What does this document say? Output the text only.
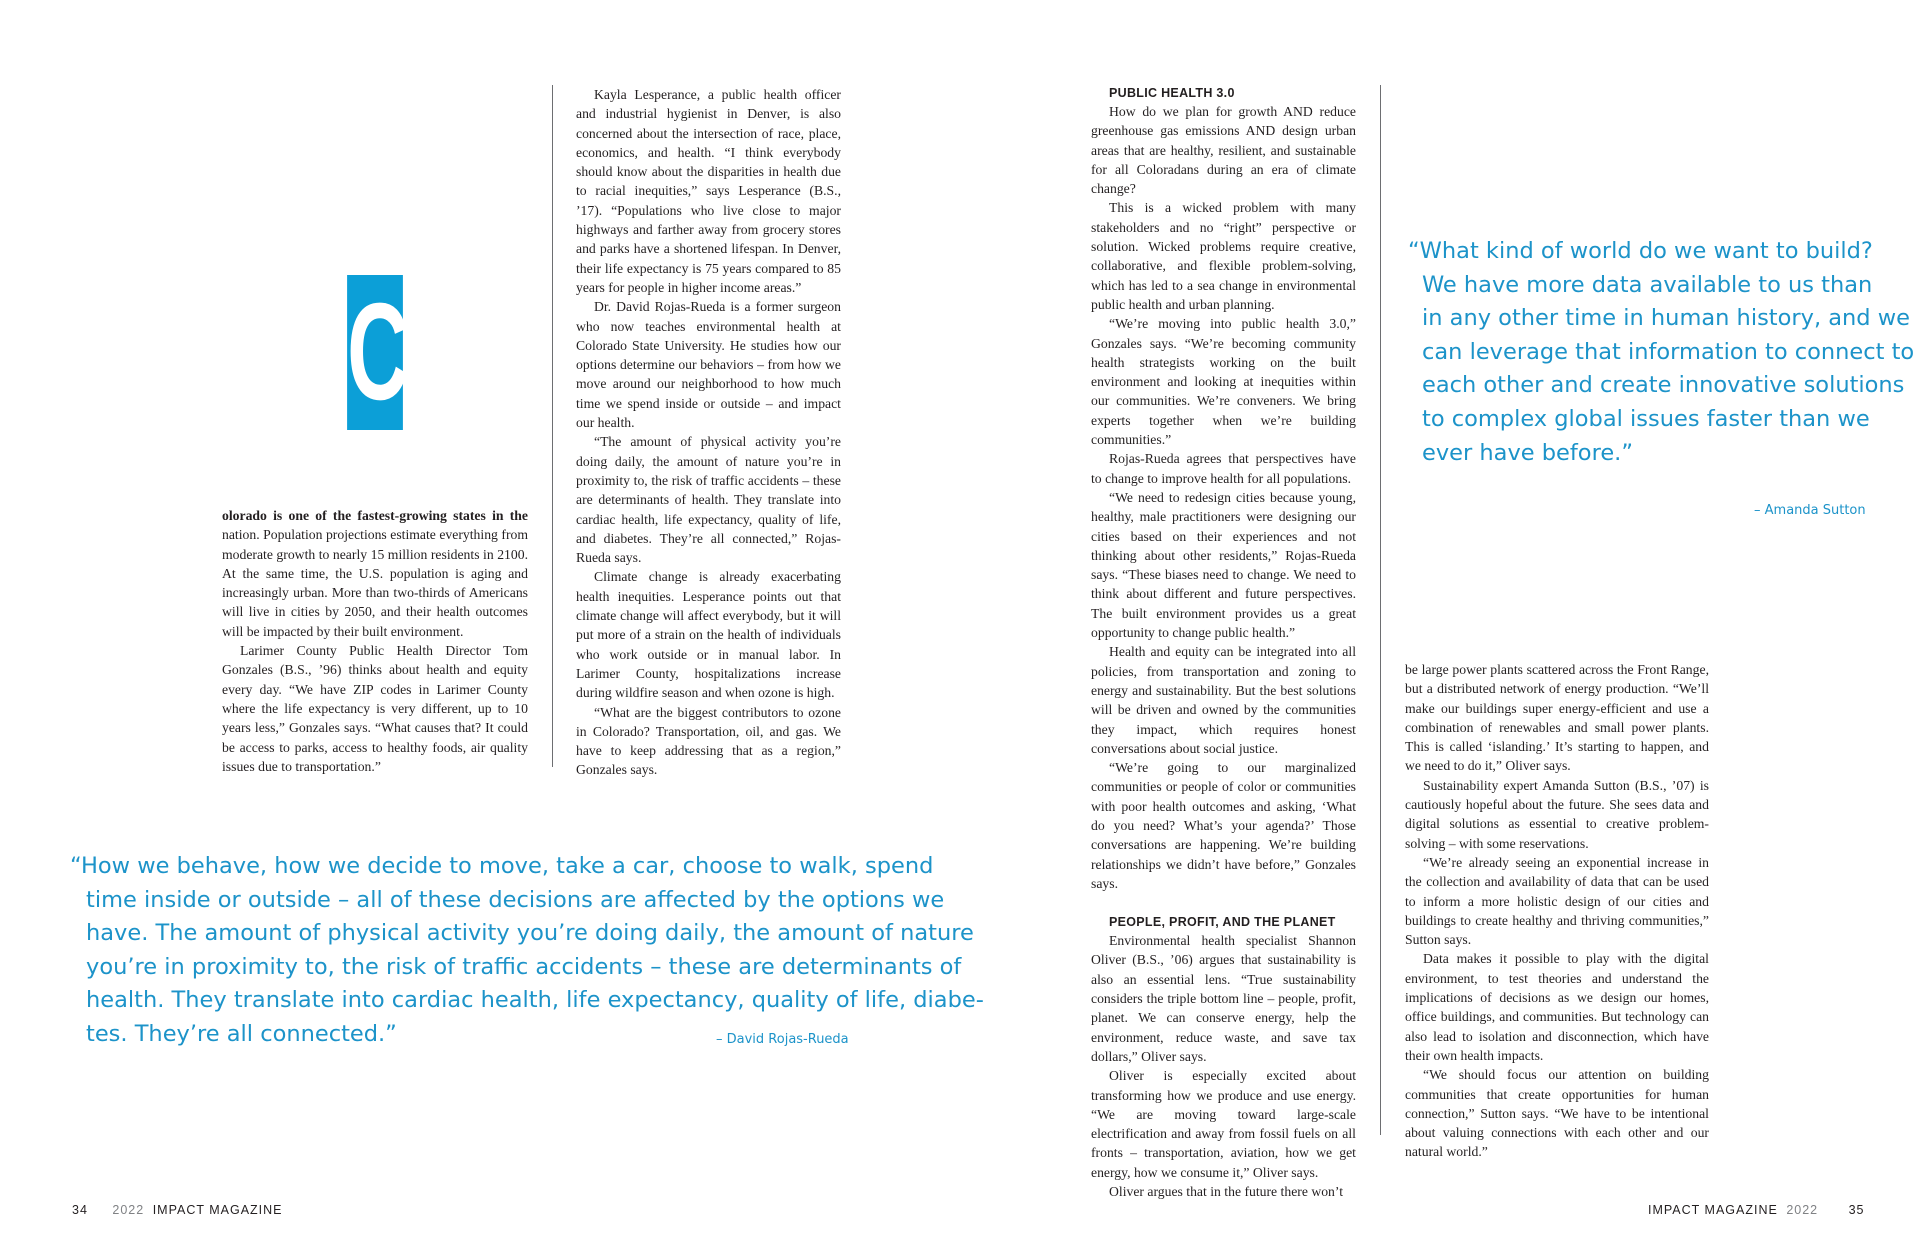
C

olorado is one of the fastest-growing states in the nation. Population projections estimate everything from moderate growth to nearly 15 million residents in 2100. At the same time, the U.S. population is aging and increasingly urban. More than two-thirds of Americans will live in cities by 2050, and their health outcomes will be impacted by their built environment.

Larimer County Public Health Director Tom Gonzales (B.S., ’96) thinks about health and equity every day. “We have ZIP codes in Larimer County where the life expectancy is very different, up to 10 years less,” Gonzales says. “What causes that? It could be access to parks, access to healthy foods, air quality issues due to transportation.”

Kayla Lesperance, a public health officer and industrial hygienist in Denver, is also concerned about the intersection of race, place, economics, and health. “I think everybody should know about the disparities in health due to racial inequities,” says Lesperance (B.S., ’17). “Populations who live close to major highways and farther away from grocery stores and parks have a shortened lifespan. In Denver, their life expectancy is 75 years compared to 85 years for people in higher income areas.”

Dr. David Rojas-Rueda is a former surgeon who now teaches environmental health at Colorado State University. He studies how our options determine our behaviors – from how we move around our neighborhood to how much time we spend inside or outside – and impact our health.

“The amount of physical activity you’re doing daily, the amount of nature you’re in proximity to, the risk of traffic accidents – these are determinants of health. They translate into cardiac health, life expectancy, quality of life, and diabetes. They’re all connected,” Rojas-Rueda says.

Climate change is already exacerbating health inequities. Lesperance points out that climate change will affect everybody, but it will put more of a strain on the health of individuals who work outside or in manual labor. In Larimer County, hospitalizations increase during wildfire season and when ozone is high.

“What are the biggest contributors to ozone in Colorado? Transportation, oil, and gas. We have to keep addressing that as a region,” Gonzales says.

“How we behave, how we decide to move, take a car, choose to walk, spend
time inside or outside – all of these decisions are affected by the options we
have. The amount of physical activity you’re doing daily, the amount of nature
you’re in proximity to, the risk of traffic accidents – these are determinants of
health. They translate into cardiac health, life expectancy, quality of life, diabe-
tes. They’re all connected.”	– David Rojas-Rueda

PUBLIC HEALTH 3.0

How do we plan for growth AND reduce greenhouse gas emissions AND design urban areas that are healthy, resilient, and sustainable for all Coloradans during an era of climate change?

This is a wicked problem with many stakeholders and no “right” perspective or solution. Wicked problems require creative, collaborative, and flexible problem-solving, which has led to a sea change in environmental public health and urban planning.

“We’re moving into public health 3.0,” Gonzales says. “We’re becoming community health strategists working on the built environment and looking at inequities within our communities. We’re conveners. We bring experts together when we’re building communities.”

Rojas-Rueda agrees that perspectives have to change to improve health for all populations.

“We need to redesign cities because young, healthy, male practitioners were designing our cities based on their experiences and not thinking about other residents,” Rojas-Rueda says. “These biases need to change. We need to think about different and future perspectives. The built environment provides us a great opportunity to change public health.”

Health and equity can be integrated into all policies, from transportation and zoning to energy and sustainability. But the best solutions will be driven and owned by the communities they impact, which requires honest conversations about social justice.

“We’re going to our marginalized communities or people of color or communities with poor health outcomes and asking, ‘What do you need? What’s your agenda?’ Those conversations are happening. We’re building relationships we didn’t have before,” Gonzales says.

PEOPLE, PROFIT, AND THE PLANET

Environmental health specialist Shannon Oliver (B.S., ’06) argues that sustainability is also an essential lens. “True sustainability considers the triple bottom line – people, profit, planet. We can conserve energy, help the environment, reduce waste, and save tax dollars,” Oliver says.

Oliver is especially excited about transforming how we produce and use energy. “We are moving toward large-scale electrification and away from fossil fuels on all fronts – transportation, aviation, how we get energy, how we consume it,” Oliver says.

Oliver argues that in the future there won’t

“What kind of world do we want to build?
We have more data available to us than
in any other time in human history, and we
can leverage that information to connect to
each other and create innovative solutions
to complex global issues faster than we
ever have before.”
– Amanda Sutton

be large power plants scattered across the Front Range, but a distributed network of energy production. “We’ll make our buildings super energy-efficient and use a combination of renewables and small power plants. This is called ‘islanding.’ It’s starting to happen, and we need to do it,” Oliver says.

Sustainability expert Amanda Sutton (B.S., ’07) is cautiously hopeful about the future. She sees data and digital solutions as essential to creative problem-solving – with some reservations.

“We’re already seeing an exponential increase in the collection and availability of data that can be used to inform a more holistic design of our cities and buildings to create healthy and thriving communities,” Sutton says.

Data makes it possible to play with the digital environment, to test theories and understand the implications of decisions as we design our homes, office buildings, and communities. But technology can also lead to isolation and disconnection, which have their own health impacts.

“We should focus our attention on building communities that create opportunities for human connection,” Sutton says. “We have to be intentional about valuing connections with each other and our natural world.”

34 2022 IMPACT MAGAZINE	IMPACT MAGAZINE 2022 35
